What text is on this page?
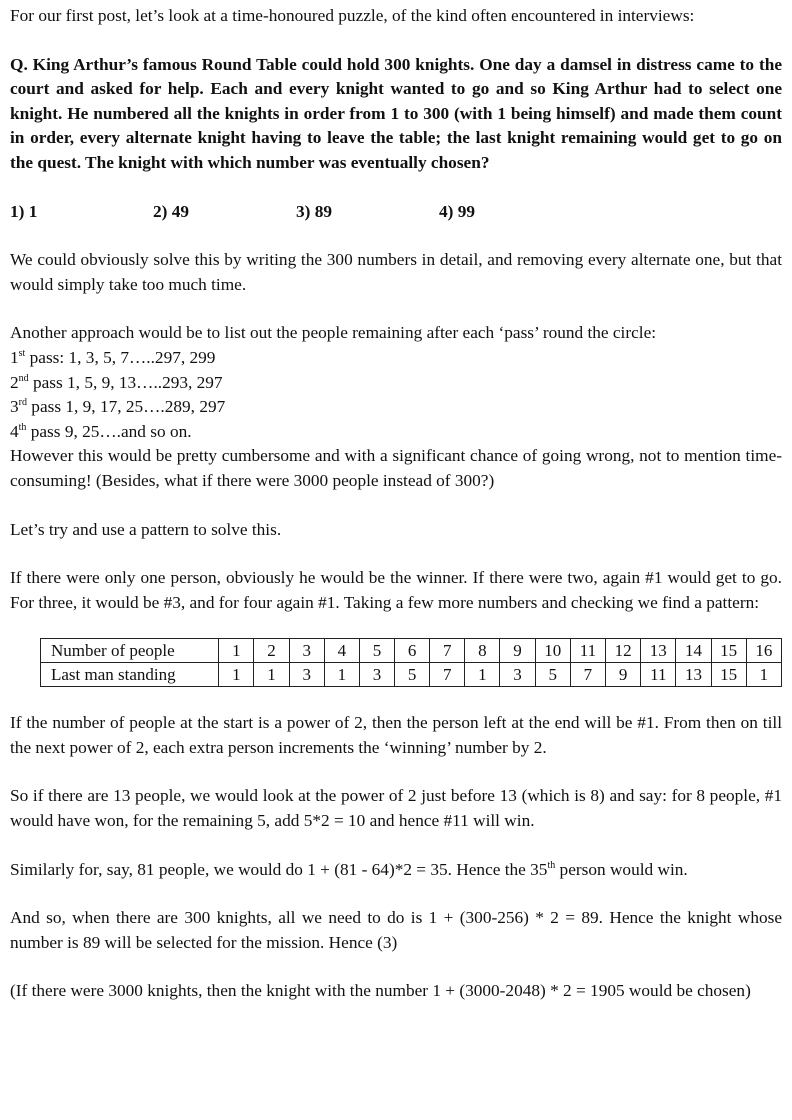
For our first post, let’s look at a time-honoured puzzle, of the kind often encountered in interviews:

Q. King Arthur’s famous Round Table could hold 300 knights. One day a damsel in distress came to the court and asked for help. Each and every knight wanted to go and so King Arthur had to select one knight. He numbered all the knights in order from 1 to 300 (with 1 being himself) and made them count in order, every alternate knight having to leave the table; the last knight remaining would get to go on the quest. The knight with which number was eventually chosen?

1) 1	2) 49	3) 89	4) 99

We could obviously solve this by writing the 300 numbers in detail, and removing every alternate one, but that would simply take too much time.

Another approach would be to list out the people remaining after each ‘pass’ round the circle:

1st pass: 1, 3, 5, 7…..297, 299
2nd pass 1, 5, 9, 13…..293, 297
3rd pass 1, 9, 17, 25….289, 297
4th pass 9, 25….and so on.

However this would be pretty cumbersome and with a significant chance of going wrong, not to mention time-consuming! (Besides, what if there were 3000 people instead of 300?)

Let’s try and use a pattern to solve this.

If there were only one person, obviously he would be the winner. If there were two, again #1 would get to go. For three, it would be #3, and for four again #1. Taking a few more numbers and checking we find a pattern:

Number of people	1	2	3	4	5	6	7	8	9	10	11	12	13	14	15	16
Last man standing	1	1	3	1	3	5	7	1	3	5	7	9	11	13	15	1

If the number of people at the start is a power of 2, then the person left at the end will be #1. From then on till the next power of 2, each extra person increments the ‘winning’ number by 2.

So if there are 13 people, we would look at the power of 2 just before 13 (which is 8) and say: for 8 people, #1 would have won, for the remaining 5, add 5*2 = 10 and hence #11 will win.

Similarly for, say, 81 people, we would do 1 + (81 - 64)*2 = 35. Hence the 35th person would win.

And so, when there are 300 knights, all we need to do is 1 + (300-256) * 2 = 89. Hence the knight whose number is 89 will be selected for the mission. Hence (3)

(If there were 3000 knights, then the knight with the number 1 + (3000-2048) * 2 = 1905 would be chosen)
